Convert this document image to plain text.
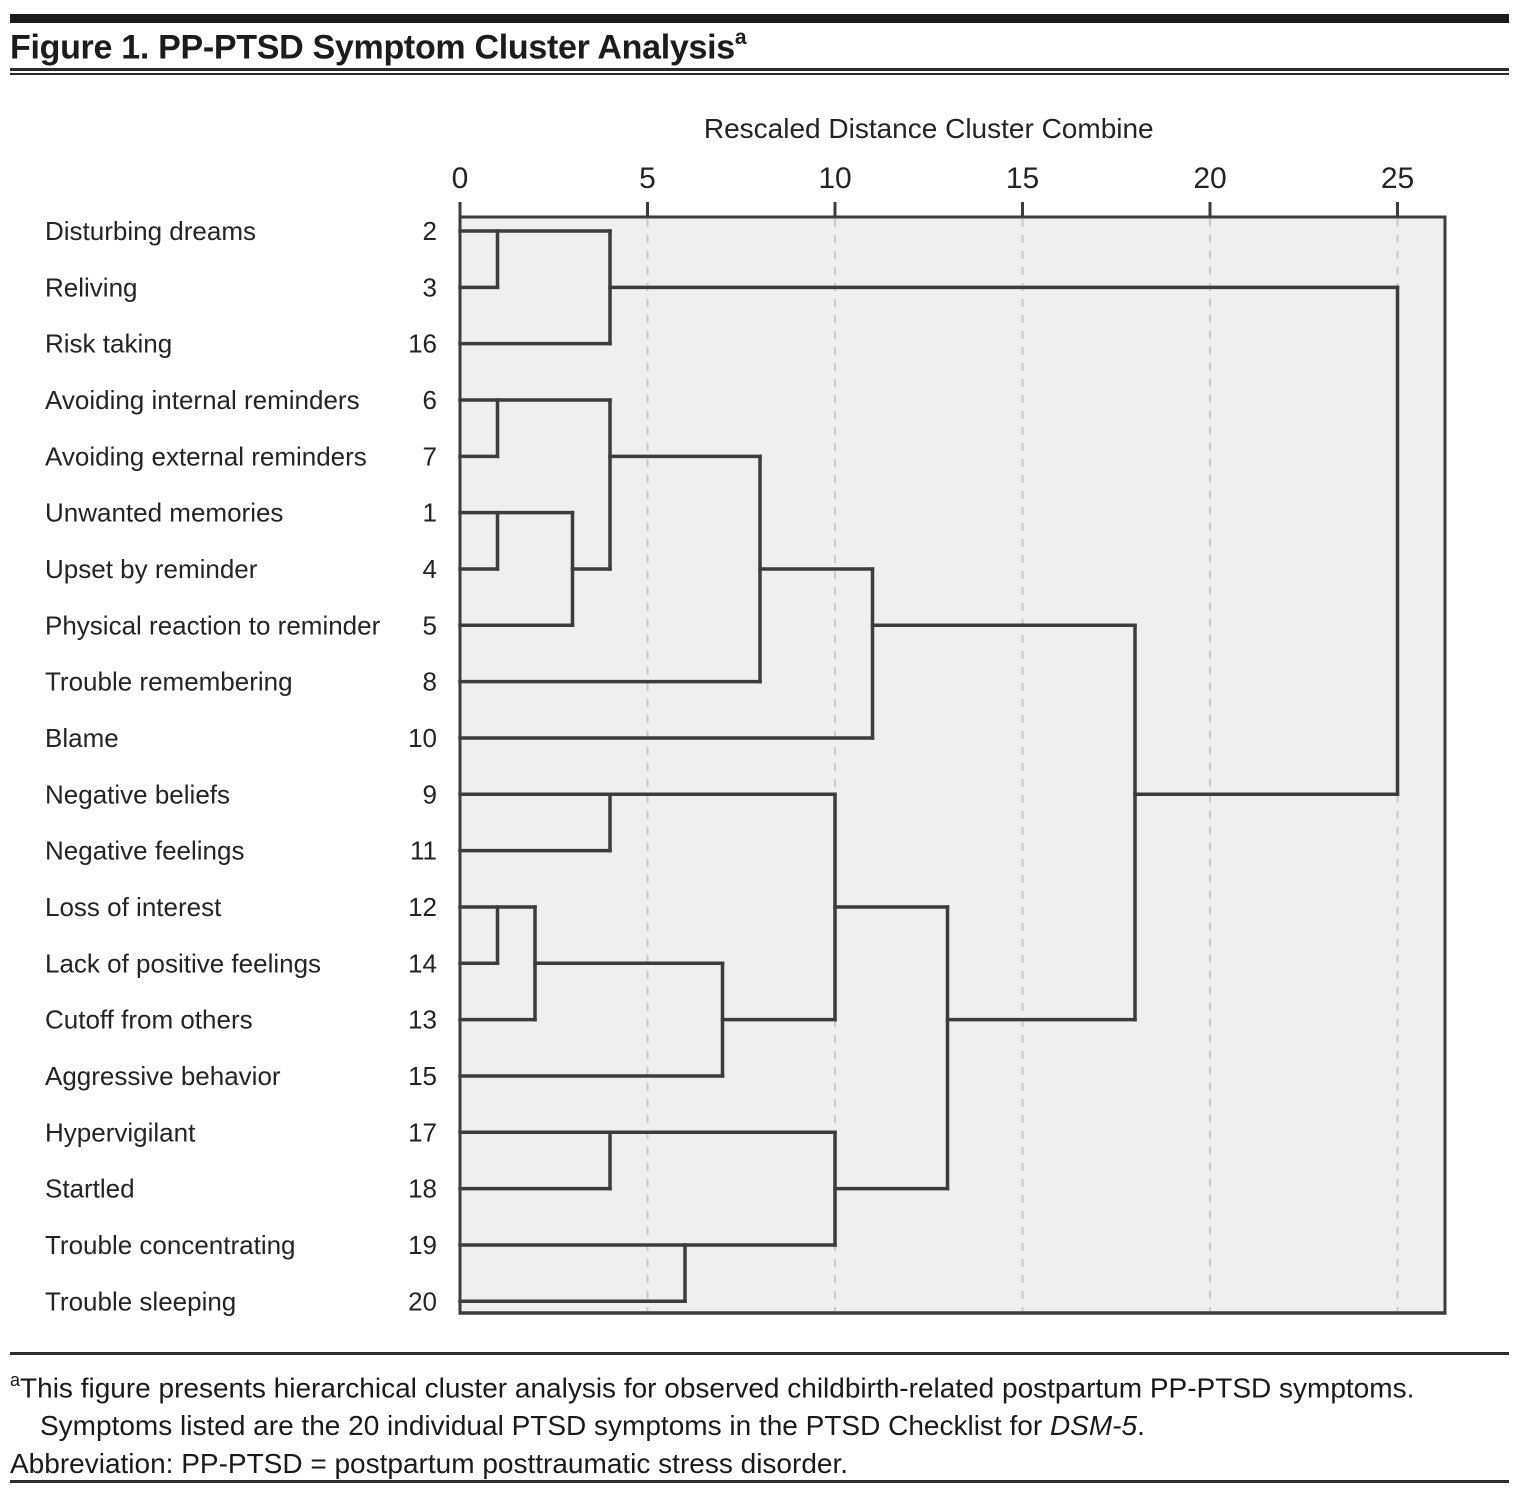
Figure 1. PP-PTSD Symptom Cluster Analysis$^a$
0	5	10	15	20	25
Rescaled Distance Cluster Combine
Disturbing dreams	2
Reliving	3
Risk taking	16
Avoiding internal reminders 6
Avoiding external reminders 7
Unwanted memories	1
Upset by reminder	4
Physical reaction to reminder 5
Trouble remembering	8
Blame	10
Negative beliefs	9
Negative feelings	11
Loss of interest	12
Lack of positive feelings	14
Cutoff from others	13
Aggressive behavior	15
Hypervigilant	17
Startled	18
Trouble concentrating	19
Trouble sleeping	20

$^a$This figure presents hierarchical cluster analysis for observed childbirth-related postpartum PP-PTSD symptoms.

Symptoms listed are the 20 individual PTSD symptoms in the PTSD Checklist for DSM-5.

Abbreviation: PP-PTSD = postpartum posttraumatic stress disorder.
